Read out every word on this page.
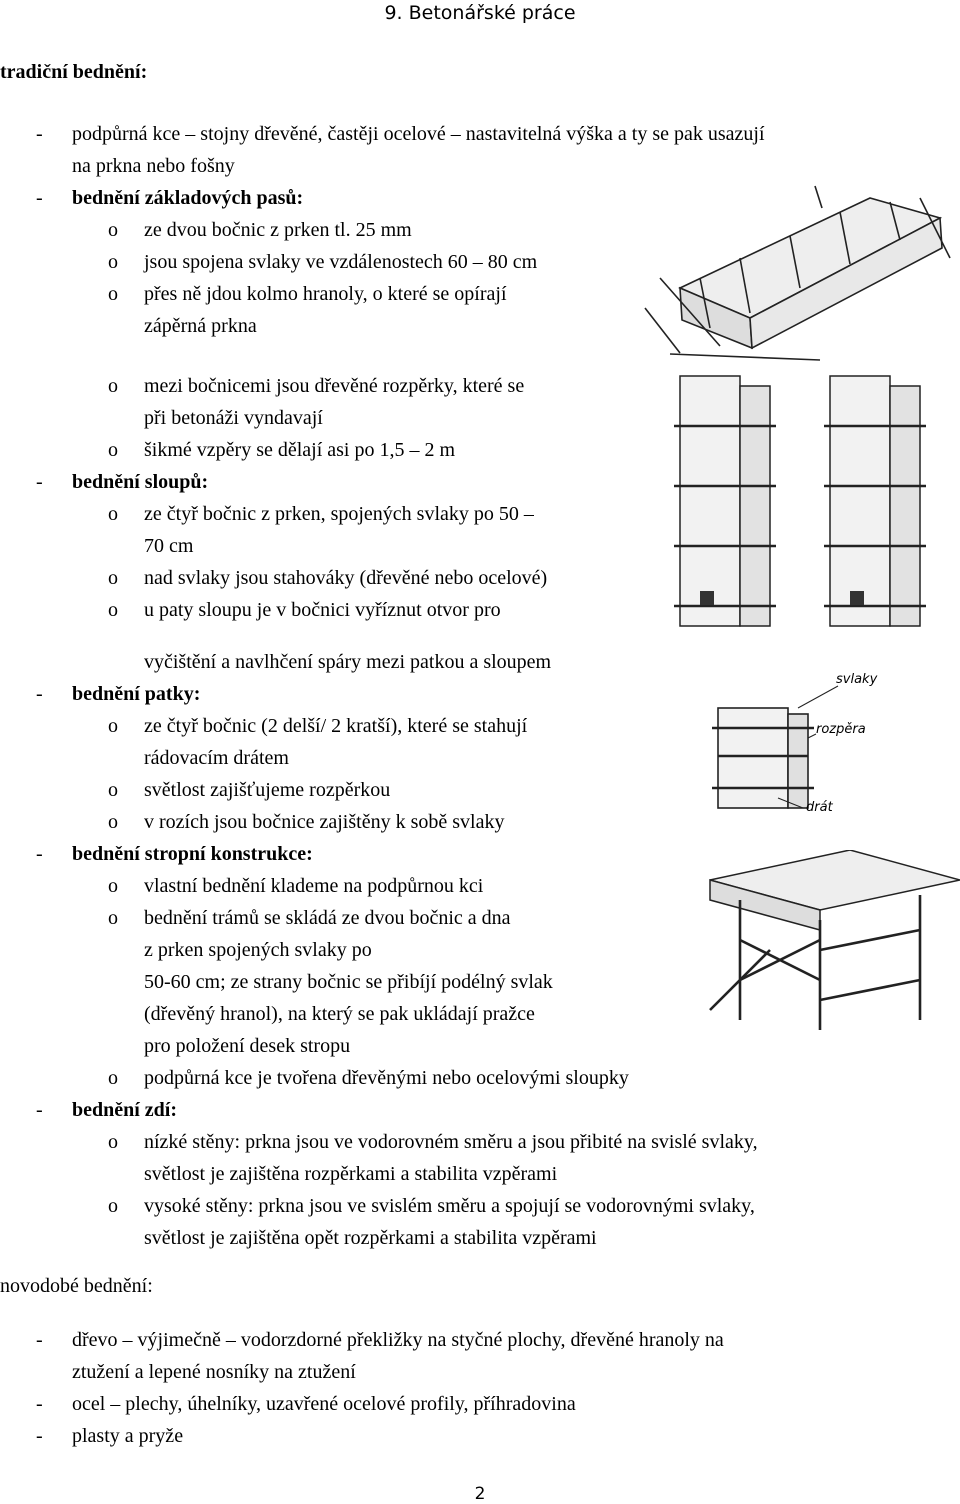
9. Betonářské práce
tradiční bednění:
podpůrná kce – stojny dřevěné, častěji ocelové – nastavitelná výška a ty se pak usazují
-
na prkna nebo fošny
bednění základových pasů:
-
ze dvou bočnic z prken tl. 25 mm
o
jsou spojena svlaky ve vzdálenostech 60 – 80 cm
o
přes ně jdou kolmo hranoly, o které se opírají
o
zápěrná prkna
mezi bočnicemi jsou dřevěné rozpěrky, které se
o
při betonáži vyndavají
šikmé vzpěry se dělají asi po 1,5 – 2 m
o
bednění sloupů:
-
ze čtyř bočnic z prken, spojených svlaky po 50 –
o
70 cm
nad svlaky jsou stahováky (dřevěné nebo ocelové)
o
u paty sloupu je v bočnici vyříznut otvor pro
o
vyčištění a navlhčení spáry mezi patkou a sloupem
bednění patky:
-
ze čtyř bočnic (2 delší/ 2 kratší), které se stahují
o
rádovacím drátem
světlost zajišťujeme rozpěrkou
o
v rozích jsou bočnice zajištěny k sobě svlaky
o
bednění stropní konstrukce:
-
vlastní bednění klademe na podpůrnou kci
o
bednění trámů se skládá ze dvou bočnic a dna
o
z prken spojených svlaky po
50-60 cm; ze strany bočnic se přibíjí podélný svlak
(dřevěný hranol), na který se pak ukládají pražce
pro položení desek stropu
podpůrná kce je tvořena dřevěnými nebo ocelovými sloupky
o
bednění zdí:
-
nízké stěny: prkna jsou ve vodorovném směru a jsou přibité na svislé svlaky,
o
světlost je zajištěna rozpěrkami a stabilita vzpěrami
vysoké stěny: prkna jsou ve svislém směru a spojují se vodorovnými svlaky,
o
světlost je zajištěna opět rozpěrkami a stabilita vzpěrami
novodobé bednění:
dřevo – výjimečně – vodorzdorné překližky na styčné plochy, dřevěné hranoly na
-
ztužení a lepené nosníky na ztužení
ocel – plechy, úhelníky, uzavřené ocelové profily, příhradovina
-
plasty a pryže
-
svlaky
rozpěra
drát
2
